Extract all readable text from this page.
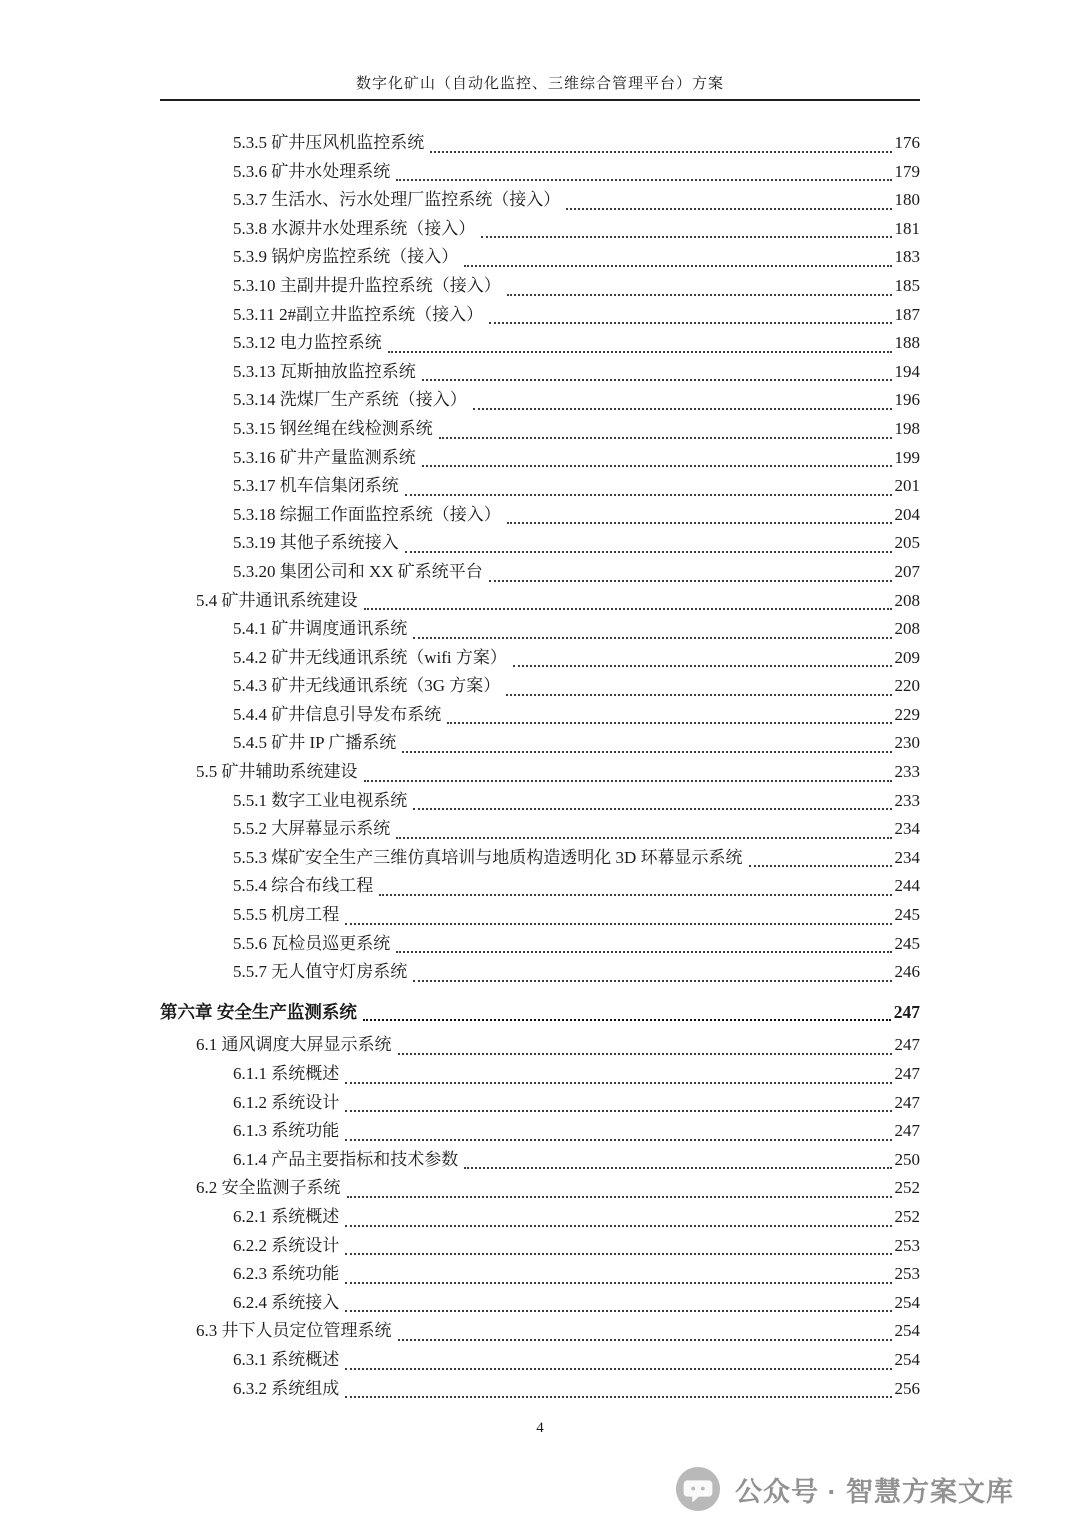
数字化矿山（自动化监控、三维综合管理平台）方案
5.3.5 矿井压风机监控系统	176
5.3.6 矿井水处理系统	179
5.3.7 生活水、污水处理厂监控系统（接入）	180
5.3.8 水源井水处理系统（接入）	181
5.3.9 锅炉房监控系统（接入）	183
5.3.10 主副井提升监控系统（接入）	185
5.3.11 2#副立井监控系统（接入）	187
5.3.12 电力监控系统	188
5.3.13 瓦斯抽放监控系统	194
5.3.14 洗煤厂生产系统（接入）	196
5.3.15 钢丝绳在线检测系统	198
5.3.16 矿井产量监测系统	199
5.3.17 机车信集闭系统	201
5.3.18 综掘工作面监控系统（接入）	204
5.3.19 其他子系统接入	205
5.3.20 集团公司和 XX 矿系统平台	207
5.4 矿井通讯系统建设	208
5.4.1 矿井调度通讯系统	208
5.4.2 矿井无线通讯系统（wifi 方案）	209
5.4.3 矿井无线通讯系统（3G 方案）	220
5.4.4 矿井信息引导发布系统	229
5.4.5 矿井 IP 广播系统	230
5.5 矿井辅助系统建设	233
5.5.1 数字工业电视系统	233
5.5.2 大屏幕显示系统	234
5.5.3 煤矿安全生产三维仿真培训与地质构造透明化 3D 环幕显示系统	234
5.5.4 综合布线工程	244
5.5.5 机房工程	245
5.5.6 瓦检员巡更系统	245
5.5.7 无人值守灯房系统	246
第六章 安全生产监测系统	247
6.1 通风调度大屏显示系统	247
6.1.1 系统概述	247
6.1.2 系统设计	247
6.1.3 系统功能	247
6.1.4 产品主要指标和技术参数	250
6.2 安全监测子系统	252
6.2.1 系统概述	252
6.2.2 系统设计	253
6.2.3 系统功能	253
6.2.4 系统接入	254
6.3 井下人员定位管理系统	254
6.3.1 系统概述	254
6.3.2 系统组成	256
4
公众号 · 智慧方案文库
